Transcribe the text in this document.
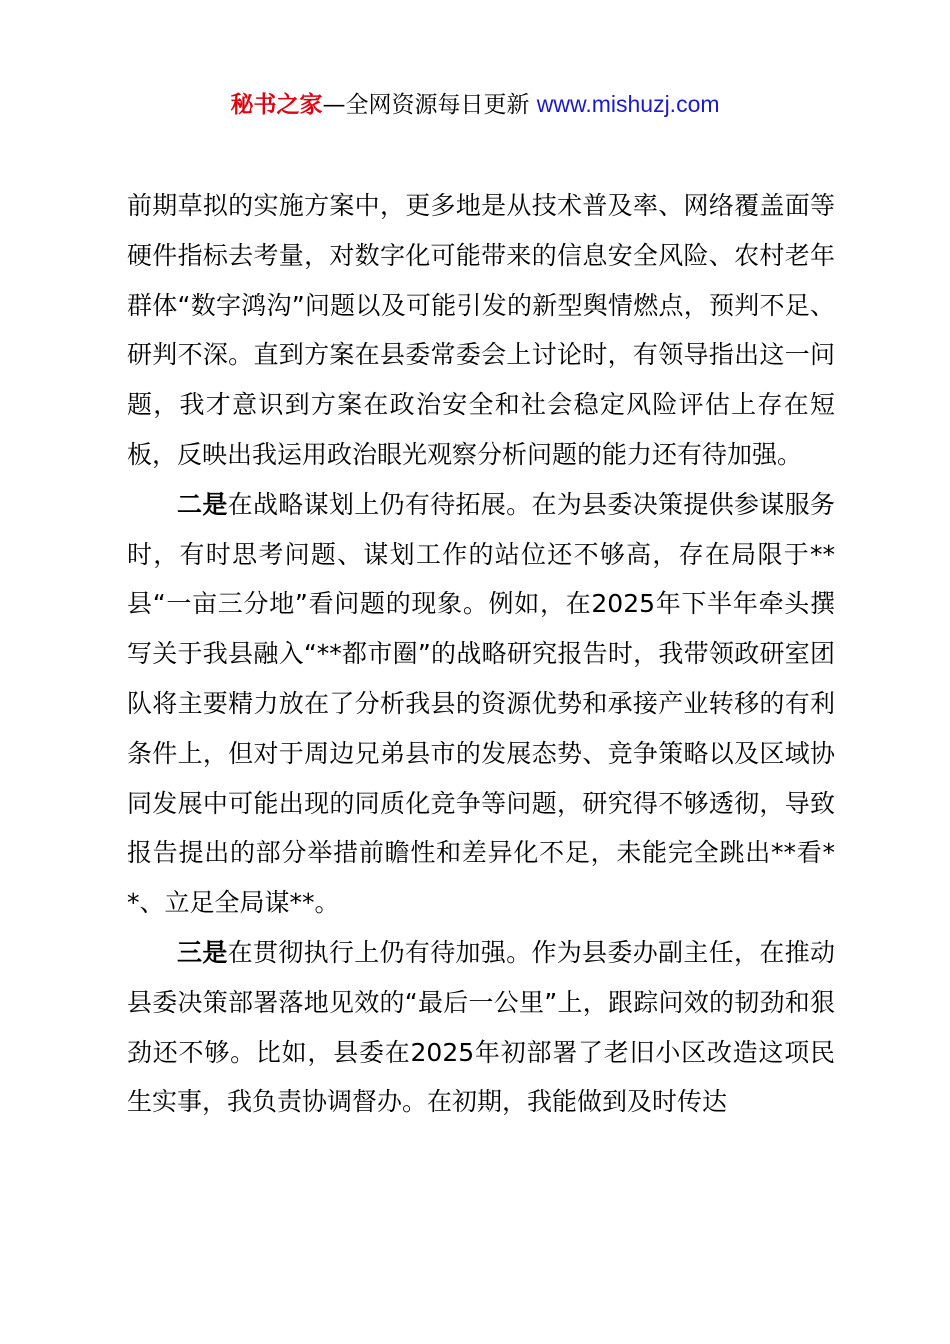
秘书之家—全网资源每日更新 www.mishuzj.com

前期草拟的实施方案中，更多地是从技术普及率、网络覆盖面等硬件指标去考量，对数字化可能带来的信息安全风险、农村老年群体“数字鸿沟”问题以及可能引发的新型舆情燃点，预判不足、研判不深。直到方案在县委常委会上讨论时，有领导指出这一问题，我才意识到方案在政治安全和社会稳定风险评估上存在短板，反映出我运用政治眼光观察分析问题的能力还有待加强。

二是在战略谋划上仍有待拓展。在为县委决策提供参谋服务时，有时思考问题、谋划工作的站位还不够高，存在局限于**县“一亩三分地”看问题的现象。例如，在2025年下半年牵头撰写关于我县融入“**都市圈”的战略研究报告时，我带领政研室团队将主要精力放在了分析我县的资源优势和承接产业转移的有利条件上，但对于周边兄弟县市的发展态势、竞争策略以及区域协同发展中可能出现的同质化竞争等问题，研究得不够透彻，导致报告提出的部分举措前瞻性和差异化不足，未能完全跳出**看**、立足全局谋**。

三是在贯彻执行上仍有待加强。作为县委办副主任，在推动县委决策部署落地见效的“最后一公里”上，跟踪问效的韧劲和狠劲还不够。比如，县委在2025年初部署了老旧小区改造这项民生实事，我负责协调督办。在初期，我能做到及时传达
